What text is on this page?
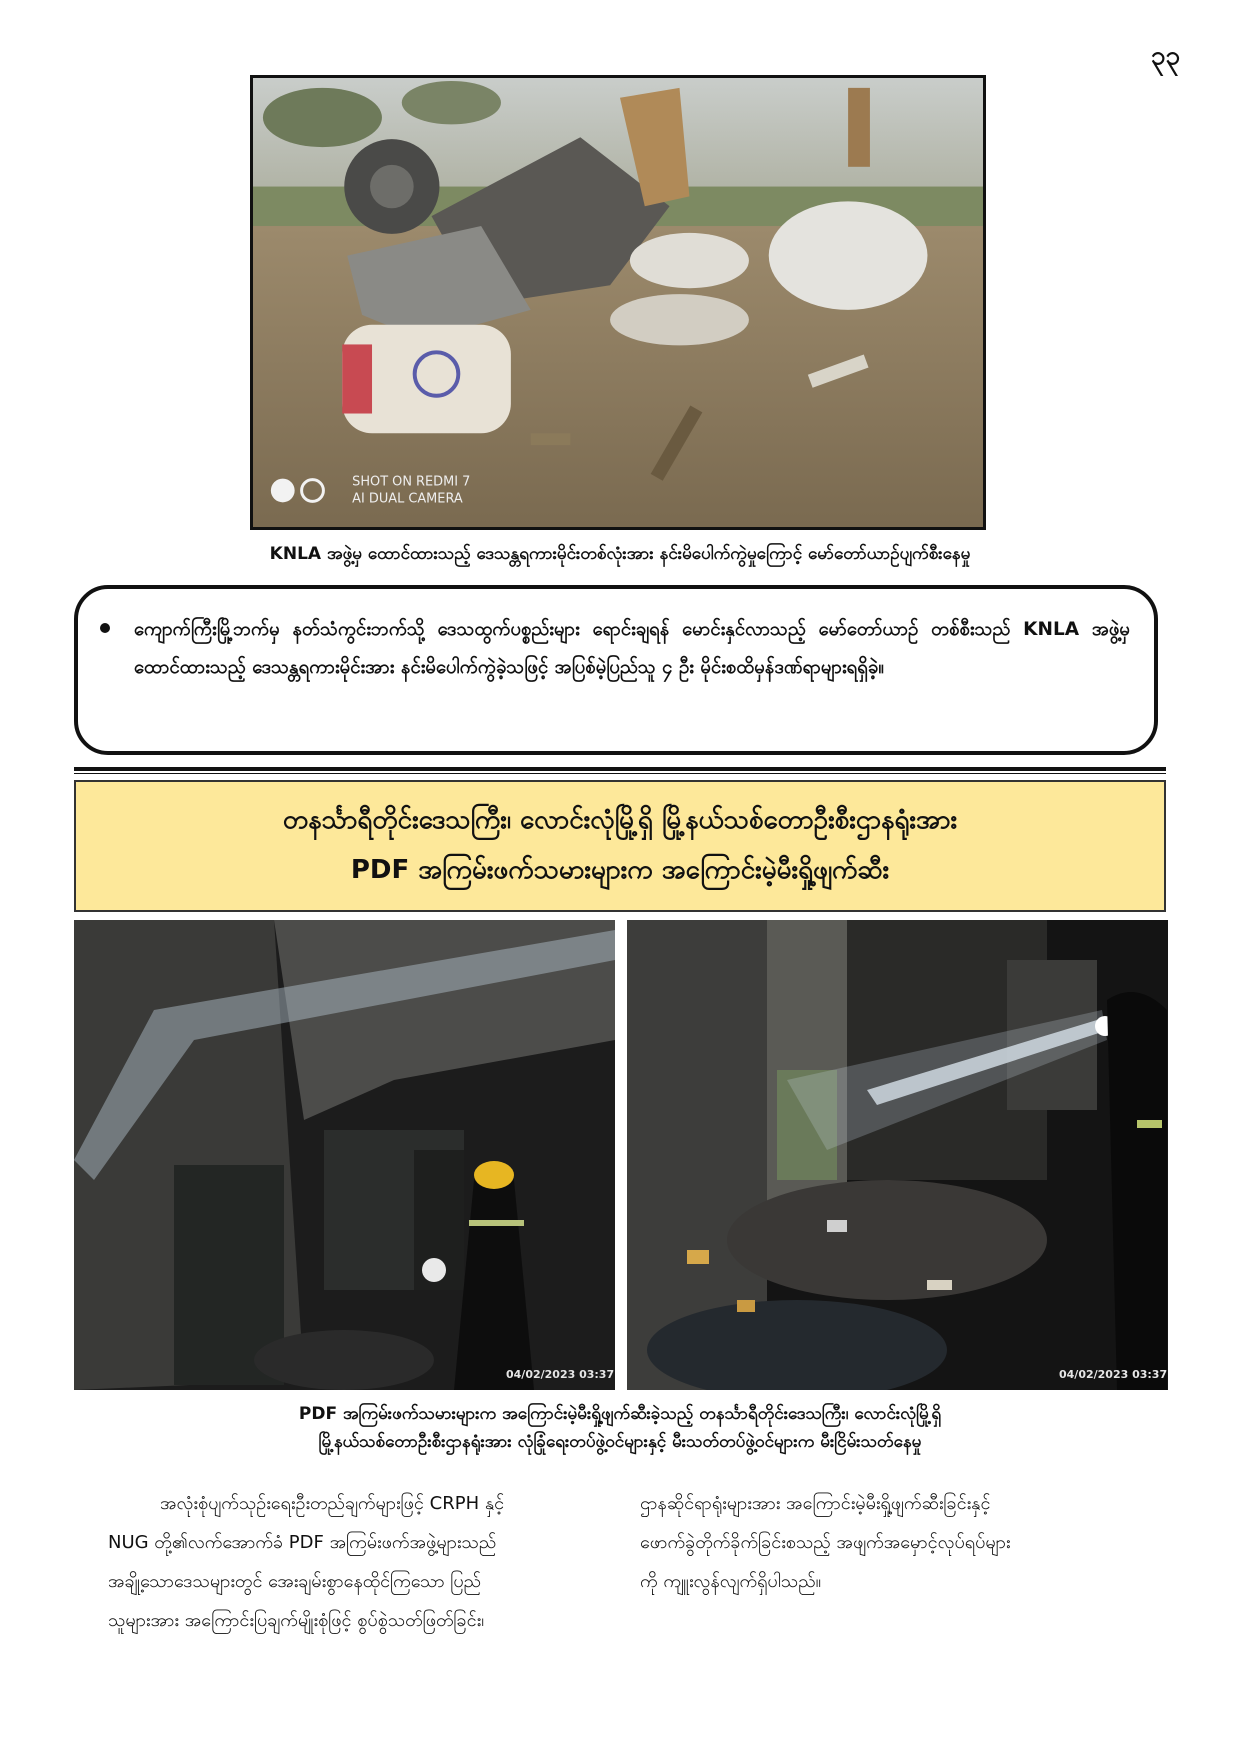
၃၃
SHOT ON REDMI 7
AI DUAL CAMERA
KNLA အဖွဲ့မှ ထောင်ထားသည့် ဒေသန္တရကားမိုင်းတစ်လုံးအား နင်းမိပေါက်ကွဲမှုကြောင့် မော်တော်ယာဉ်ပျက်စီးနေမှု
ကျောက်ကြီးမြို့ဘက်မှ နတ်သံကွင်းဘက်သို့ ဒေသထွက်ပစ္စည်းများ ရောင်းချရန် မောင်းနှင်လာသည့် မော်တော်ယာဉ် တစ်စီးသည် KNLA အဖွဲ့မှ ထောင်ထားသည့် ဒေသန္တရကားမိုင်းအား နင်းမိပေါက်ကွဲခဲ့သဖြင့် အပြစ်မဲ့ပြည်သူ ၄ ဦး မိုင်းစထိမှန်ဒဏ်ရာများရရှိခဲ့။
တနင်္သာရီတိုင်းဒေသကြီး၊ လောင်းလုံမြို့ရှိ မြို့နယ်သစ်တောဦးစီးဌာနရုံးအား
PDF အကြမ်းဖက်သမားများက အကြောင်းမဲ့မီးရှို့ဖျက်ဆီး
04/02/2023 03:37	04/02/2023 03:37
PDF အကြမ်းဖက်သမားများက အကြောင်းမဲ့မီးရှို့ဖျက်ဆီးခဲ့သည့် တနင်္သာရီတိုင်းဒေသကြီး၊ လောင်းလုံမြို့ရှိ
မြို့နယ်သစ်တောဦးစီးဌာနရုံးအား လုံခြုံရေးတပ်ဖွဲ့ဝင်များနှင့် မီးသတ်တပ်ဖွဲ့ဝင်များက မီးငြိမ်းသတ်နေမှု
အလုံးစုံပျက်သုဉ်းရေးဦးတည်ချက်များဖြင့် CRPH နှင့်
NUG တို့၏လက်အောက်ခံ PDF အကြမ်းဖက်အဖွဲ့များသည်
အချို့သောဒေသများတွင် အေးချမ်းစွာနေထိုင်ကြသော ပြည်
သူများအား အကြောင်းပြချက်မျိုးစုံဖြင့် စွပ်စွဲသတ်ဖြတ်ခြင်း၊
ဌာနဆိုင်ရာရုံးများအား အကြောင်းမဲ့မီးရှို့ဖျက်ဆီးခြင်းနှင့်
ဖောက်ခွဲတိုက်ခိုက်ခြင်းစသည့် အဖျက်အမှောင့်လုပ်ရပ်များ
ကို ကျူးလွန်လျက်ရှိပါသည်။
